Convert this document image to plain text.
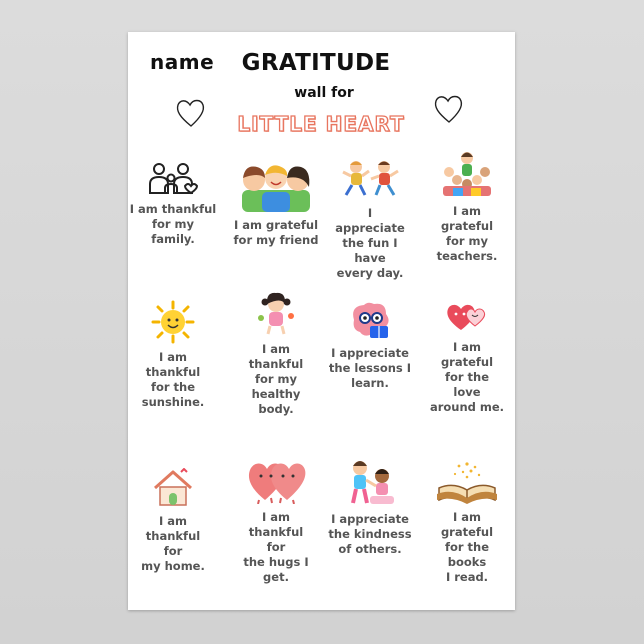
name GRATITUDE
wall for
LITTLE HEART
I am thankful
for my
family.
I am grateful
for my friend
I
appreciate
the fun I
have
every day.
I am
grateful
for my
teachers.
I am
thankful
for the
sunshine.
I am
thankful
for my
healthy
body.
I appreciate
the lessons I
learn.
I am
grateful
for the
love
around me.
I am
thankful
for
my home.
I am
thankful
for
the hugs I
get.
I appreciate
the kindness
of others.
I am
grateful
for the
books
I read.
